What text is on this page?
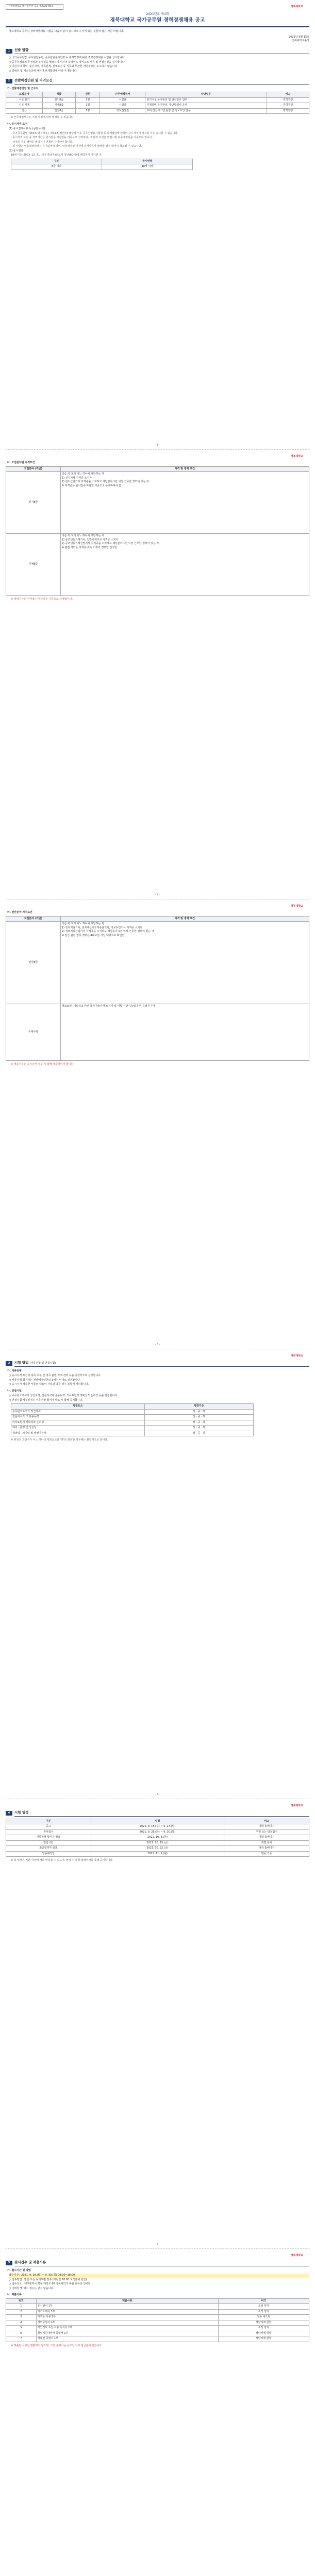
「경북대학교 국가공무원 공고 제2021-00호」	경북대학교
2021년도 제4회
경북대학교 국가공무원 경력경쟁채용 공고

경북대학교 공무원 경력경쟁채용 시험을 다음과 같이 실시하오니 자격 있는 분들의 많은 지원 바랍니다.

2021년 9월 15일
경북대학교총장
1	선발 방향

○ 국가공무원법, 공무원임용령, 공무원임용시험령 등 관계법령에 따른 경력경쟁채용 시험을 실시합니다.

○ 공무원채용의 공정성과 투명성을 확보하기 위하여 블라인드 방식으로 서류 및 면접전형을 실시합니다.

○ 지원자의 학력, 출신지역, 가족관계, 신체조건 등 직무와 무관한 개인정보는 요구하지 않습니다.

○ 장애인 및 저소득층에 대하여 관계법령에 따라 우대합니다.

2	선발예정인원 및 자격요건

가. 선발예정인원 및 근무지

모집분야	직급	인원	근무예정부서	담당업무	비고
시설 전기	전기8급	1명	시설과	전기시설 유지관리 및 안전관리 업무	경력경쟁
시설 기계	기계8급	1명	시설과	기계설비 유지관리, 냉난방설비 운영	경력경쟁
전산	전산8급	1명	정보전산원	교내 전산시스템 운영 및 정보보안 업무	경력경쟁

※ 근무예정부서는 기관 사정에 따라 변경될 수 있습니다.

나. 응시자격 요건

(1) 응시결격사유 등 (공통 사항)

- 국가공무원법 제33조(결격사유), 제74조(정년)에 해당하거나, 공무원임용시험령 등 관계법령에 의하여 응시자격이 정지된 자는 응시할 수 없습니다.

- 응시자격 요건 중 경력기간은 원서접수 마감일을 기준으로 산정하며, 그 밖의 요건은 면접시험 최종예정일을 기준으로 합니다.

- 남자의 경우 병역을 필하거나 면제된 자이어야 합니다.

- 위 사항은 임용예정일까지 유지되어야 하며, 임용예정일 이전에 결격사유가 발생할 경우 합격이 취소될 수 있습니다.

(2) 응시연령

18세 이상(2003. 12. 31. 이전 출생자)으로서 정년(60세)에 해당하지 아니한 자

구분	응시연령
8급 이하	18세 이상
- 1 -
경북대학교

다. 모집분야별 자격요건

모집분야 (직급)	자격 및 경력 요건
전기8급	다음 각 호의 어느 하나에 해당하는 자
1) 전기기사 자격증 소지자
2) 전기산업기사 자격증을 소지하고 해당분야 1년 이상 근무한 경력이 있는 자
※ 자격증은 원서접수 마감일 기준으로 유효하여야 함
기계8급	다음 각 호의 어느 하나에 해당하는 자
1) 공조냉동기계기사, 일반기계기사 자격증 소지자
2) 공조냉동기계산업기사 자격증을 소지하고 해당분야 1년 이상 근무한 경력이 있는 자
※ 관련 경력은 자격증 취득 이후의 경력만 인정함

※ 경력기간은 원서접수 마감일을 기준으로 산정합니다.

- 2 -
경북대학교

라. 전산분야 자격요건

모집분야 (직급)	자격 및 경력 요건
전산8급	다음 각 호의 어느 하나에 해당하는 자
1) 정보처리기사, 전자계산기조직응용기사, 정보보안기사 자격증 소지자
2) 정보처리산업기사 자격증을 소지하고 해당분야 1년 이상 근무한 경력이 있는 자
※ 전산 관련 업무 경력은 4대보험 가입 내역으로 확인함
우대사항	정보보안, 네트워크 관련 국가기술자격 소지자 및 대학 전산시스템 운영 경력자 우대

※ 제출서류는 응시원서 접수 시 함께 제출하여야 합니다.

- 3 -
경북대학교
3	시험 방법 (서류전형 및 면접시험)

가. 서류전형

○ 응시자격 요건의 충족 여부 및 직무 관련 자격·경력 등을 종합적으로 심사합니다.

○ 서류전형 합격자는 선발예정인원의 3배수 이내로 결정합니다.

○ 응시자가 제출한 서류의 내용이 사실과 다를 경우 불합격 처리합니다.

나. 면접시험

○ 공무원으로서의 정신자세, 전문지식과 응용능력, 의사표현의 정확성과 논리성 등을 평정합니다.

○ 면접시험 세부일정은 서류전형 합격자 발표 시 함께 공지합니다.

평정요소	평정기준
공무원으로서의 정신자세	상 · 중 · 하
전문지식과 그 응용능력	상 · 중 · 하
의사표현의 정확성과 논리성	상 · 중 · 하
예의 · 품행 및 성실성	상 · 중 · 하
창의력 · 의지력 및 발전가능성	상 · 중 · 하

※ 위원의 과반수가 어느 하나의 평정요소를 '하'로 평정한 경우에는 불합격으로 합니다.

- 4 -
경북대학교
4	시험 일정
구분	일정	비고
공고	2021. 9. 15.(수) ~ 9. 27.(월)	대학 홈페이지
원서접수	2021. 9. 28.(화) ~ 9. 30.(목)	우편 또는 방문접수
서류전형 합격자 발표	2021. 10. 8.(금)	대학 홈페이지
면접시험	2021. 10. 15.(금)	개별 통지
최종합격자 발표	2021. 10. 22.(금)	대학 홈페이지
임용예정일	2021. 11. 1.(월)	변동 가능

※ 위 일정은 기관 사정에 따라 변경될 수 있으며, 변경 시 대학 홈페이지를 통해 공지합니다.

- 5 -
경북대학교
5	원서접수 및 제출서류

가. 접수기간 및 방법

접수기간 : 2021. 9. 28.(화) ~ 9. 30.(목) 09:00~18:00

○ 접수방법 : 방문 또는 등기우편 접수 (마감일 18:00 도착분에 한함)

○ 접수장소 : 대구광역시 북구 대학로 80 경북대학교 본관 총무과 인사팀

○ 이메일 및 팩스 접수는 받지 않습니다.

나. 제출서류

번호	제출서류	비고
1	응시원서 1부	소정 양식
2	자기소개서 1부	소정 양식
3	자격증 사본 1부	원본 대조필
4	경력증명서 1부	해당자에 한함
5	개인정보 수집·이용 동의서 1부	소정 양식
6	취업지원대상자 증명서 1부	해당자에 한함
7	장애인 증명서 1부	해당자에 한함

※ 제출된 서류는 반환하지 않으며, 모든 증명서는 공고일 이후 발급분에 한합니다.
